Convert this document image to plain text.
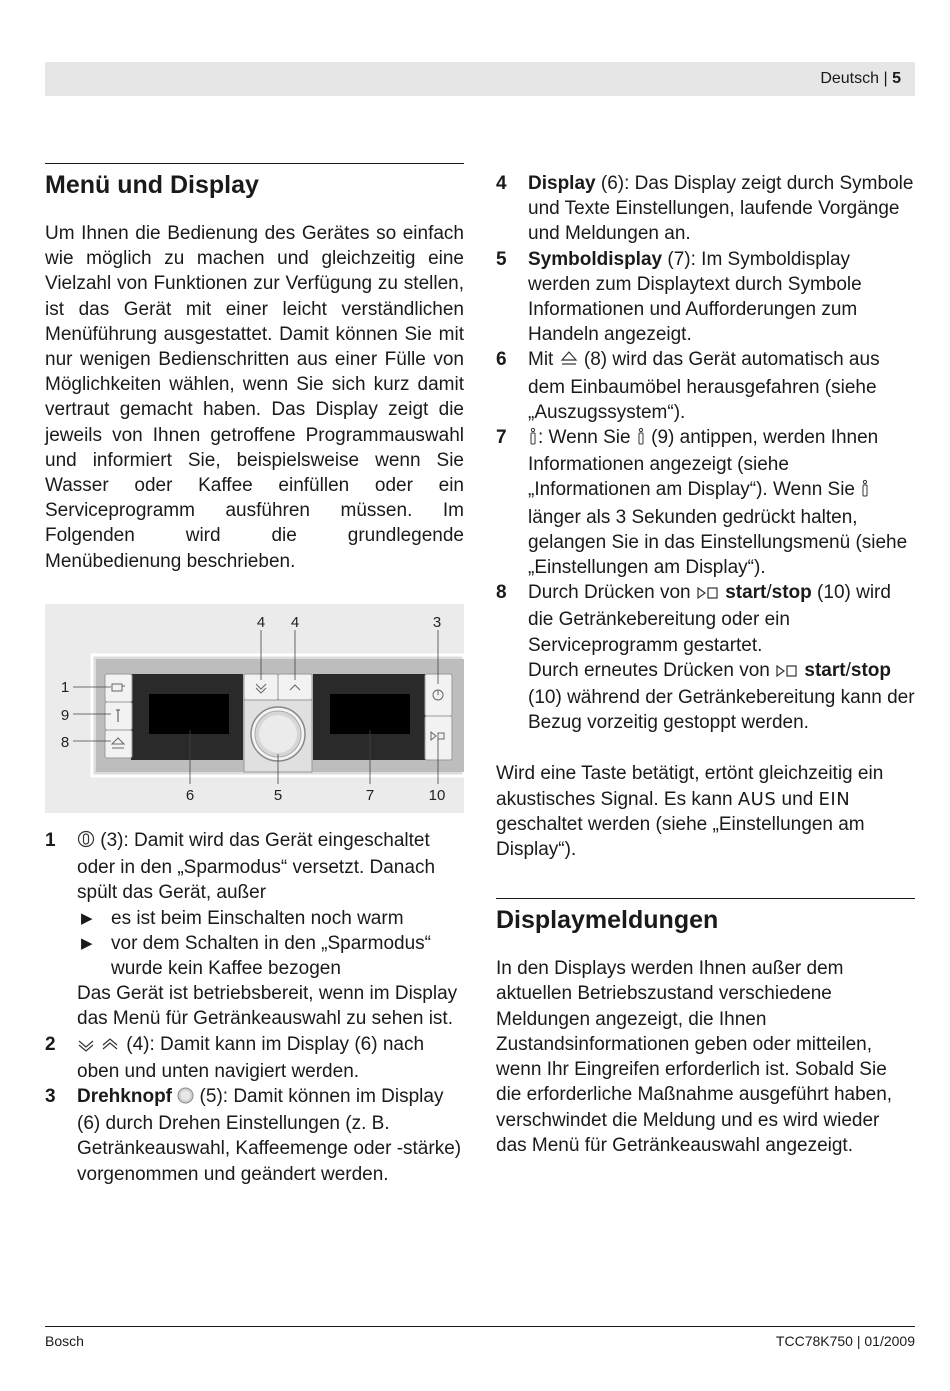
Deutsch | 5
Menü und Display

Um Ihnen die Bedienung des Gerätes so einfach wie möglich zu machen und gleichzeitig eine Vielzahl von Funktionen zur Verfügung zu stellen, ist das Gerät mit einer leicht verständlichen Menüführung ausgestattet. Damit können Sie mit nur wenigen Bedienschritten aus einer Fülle von Möglichkeiten wählen, wenn Sie sich kurz damit vertraut gemacht haben. Das Display zeigt die jeweils von Ihnen getroffene Programmauswahl und informiert Sie, beispielsweise wenn Sie Wasser oder Kaffee einfüllen oder ein Serviceprogramm ausführen müssen. Im Folgenden wird die grundlegende Menübedienung beschrieben.

4 4	3
1
9
8
6	5	7	10
1	(3): Damit wird das Gerät eingeschaltet oder in den „Sparmodus“ versetzt. Danach spült das Gerät, außer

▶ es ist beim Einschalten noch warm
▶ vor dem Schalten in den „Sparmodus“ wurde kein Kaffee bezogen

Das Gerät ist betriebsbereit, wenn im Display das Menü für Getränkeauswahl zu sehen ist.

2	(4): Damit kann im Display (6) nach oben und unten navigiert werden.

3	Drehknopf  (5): Damit können im Display (6) durch Drehen Einstellungen (z. B. Getränkeauswahl, Kaffeemenge oder -stärke) vorgenommen und geändert werden.

4	Display (6): Das Display zeigt durch Symbole und Texte Einstellungen, laufende Vorgänge und Meldungen an.

5	Symboldisplay (7): Im Symboldisplay werden zum Displaytext durch Symbole Informationen und Aufforderungen zum Handeln angezeigt.

6	Mit  (8) wird das Gerät automatisch aus dem Einbaumöbel herausgefahren (siehe „Auszugssystem“).

7	: Wenn Sie  (9) antippen, werden Ihnen Informationen angezeigt (siehe „Informationen am Display“). Wenn Sie  länger als 3 Sekunden gedrückt halten, gelangen Sie in das Einstellungsmenü (siehe „Einstellungen am Display“).

8	Durch Drücken von  start/stop (10) wird die Getränkebereitung oder ein Serviceprogramm gestartet.

Durch erneutes Drücken von  start/stop (10) während der Getränkebereitung kann der Bezug vorzeitig gestoppt werden.

Wird eine Taste betätigt, ertönt gleichzeitig ein akustisches Signal. Es kann AUS und EIN geschaltet werden (siehe „Einstellungen am Display“).

Displaymeldungen

In den Displays werden Ihnen außer dem aktuellen Betriebszustand verschiedene Meldungen angezeigt, die Ihnen Zustandsinformationen geben oder mitteilen, wenn Ihr Eingreifen erforderlich ist. Sobald Sie die erforderliche Maßnahme ausgeführt haben, verschwindet die Meldung und es wird wieder das Menü für Getränkeauswahl angezeigt.

Bosch	TCC78K750 | 01/2009
